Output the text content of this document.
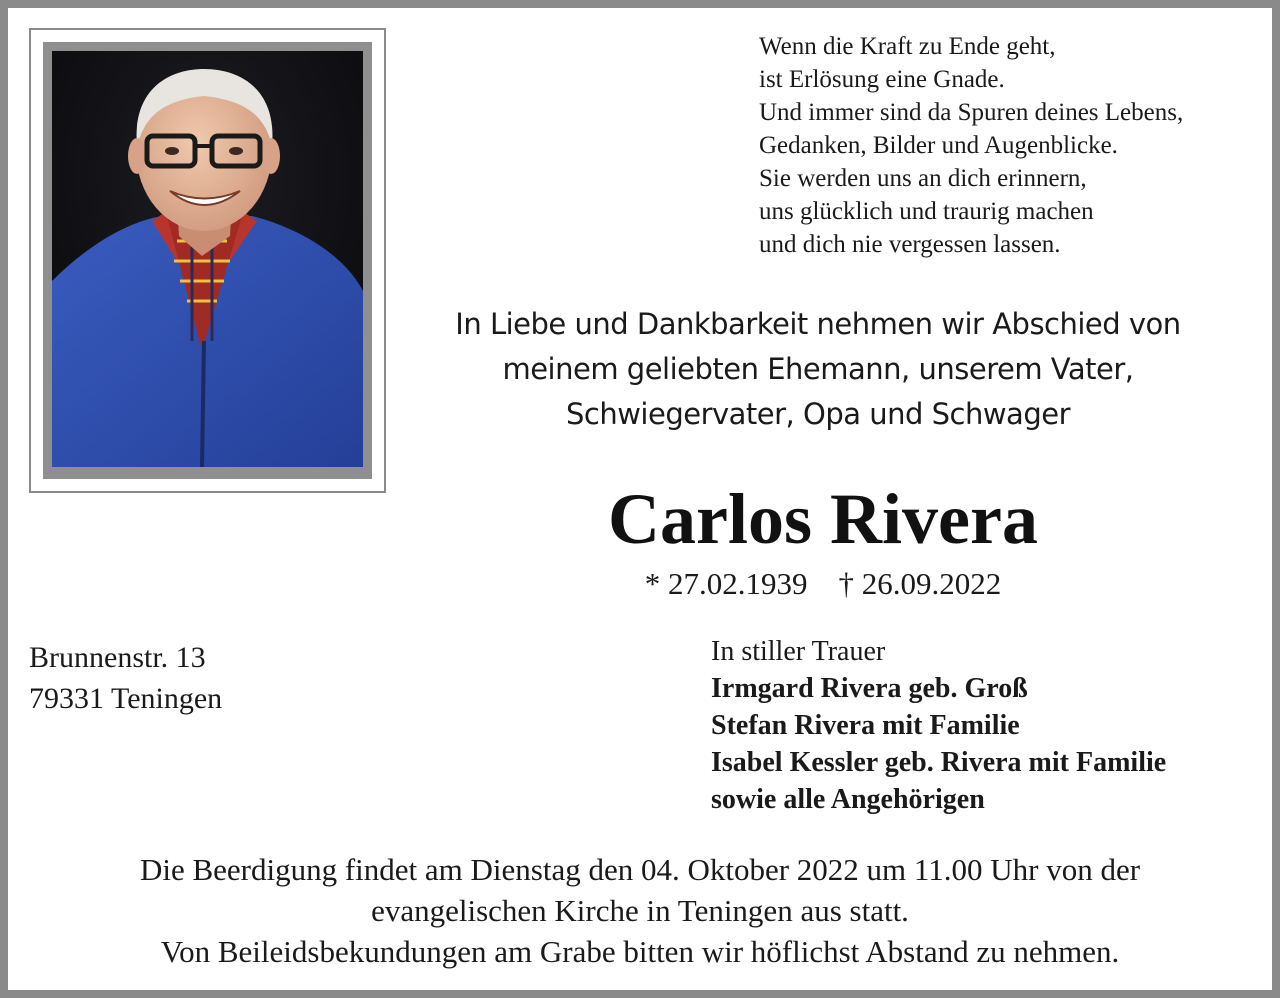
Wenn die Kraft zu Ende geht,
ist Erlösung eine Gnade.
Und immer sind da Spuren deines Lebens,
Gedanken, Bilder und Augenblicke.
Sie werden uns an dich erinnern,
uns glücklich und traurig machen
und dich nie vergessen lassen.
In Liebe und Dankbarkeit nehmen wir Abschied von
meinem geliebten Ehemann, unserem Vater,
Schwiegervater, Opa und Schwager
Carlos Rivera
* 27.02.1939 † 26.09.2022
Brunnenstr. 13
79331 Teningen
In stiller Trauer
Irmgard Rivera geb. Groß
Stefan Rivera mit Familie
Isabel Kessler geb. Rivera mit Familie
sowie alle Angehörigen
Die Beerdigung findet am Dienstag den 04. Oktober 2022 um 11.00 Uhr von der
evangelischen Kirche in Teningen aus statt.
Von Beileidsbekundungen am Grabe bitten wir höflichst Abstand zu nehmen.
